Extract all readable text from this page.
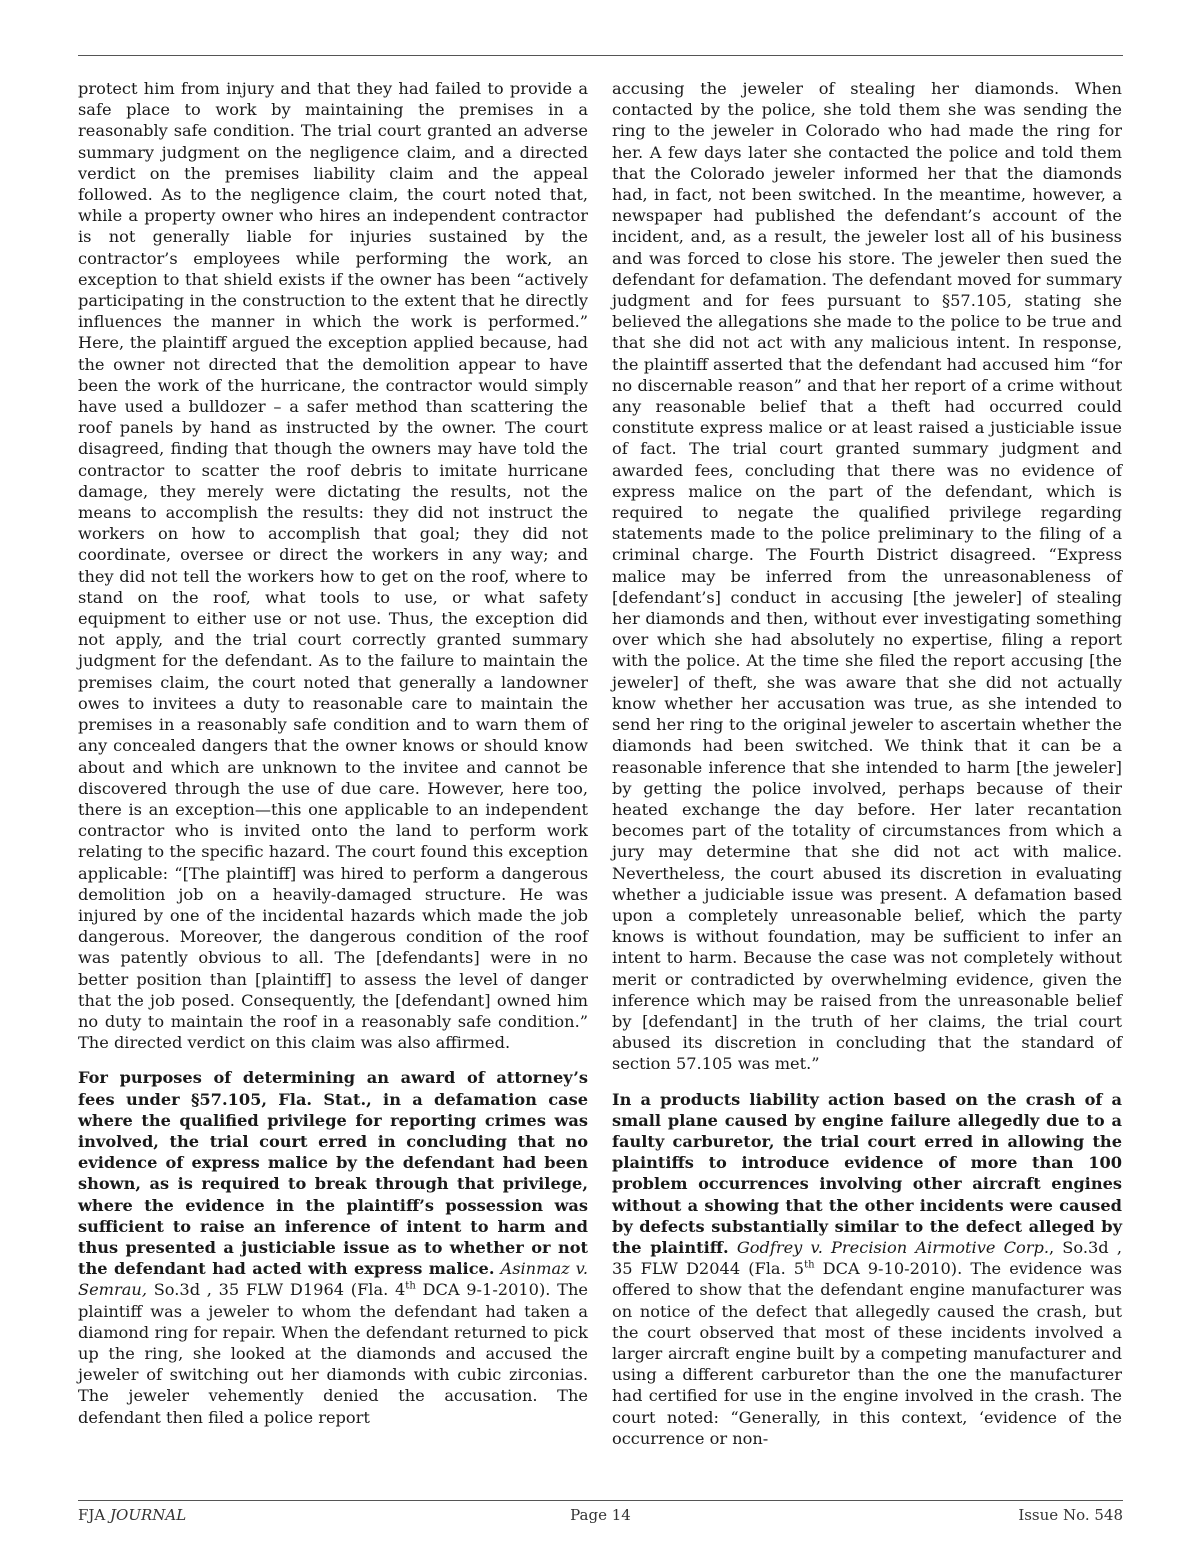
protect him from injury and that they had failed to provide a safe place to work by maintaining the premises in a reasonably safe condition. The trial court granted an adverse summary judgment on the negligence claim, and a directed verdict on the premises liability claim and the appeal followed. As to the negligence claim, the court noted that, while a property owner who hires an independent contractor is not generally liable for injuries sustained by the contractor’s employees while performing the work, an exception to that shield exists if the owner has been “actively participating in the construction to the extent that he directly influences the manner in which the work is performed.” Here, the plaintiff argued the exception applied because, had the owner not directed that the demolition appear to have been the work of the hurricane, the contractor would simply have used a bulldozer – a safer method than scattering the roof panels by hand as instructed by the owner. The court disagreed, finding that though the owners may have told the contractor to scatter the roof debris to imitate hurricane damage, they merely were dictating the results, not the means to accomplish the results: they did not instruct the workers on how to accomplish that goal; they did not coordinate, oversee or direct the workers in any way; and they did not tell the workers how to get on the roof, where to stand on the roof, what tools to use, or what safety equipment to either use or not use. Thus, the exception did not apply, and the trial court correctly granted summary judgment for the defendant. As to the failure to maintain the premises claim, the court noted that generally a landowner owes to invitees a duty to reasonable care to maintain the premises in a reasonably safe condition and to warn them of any concealed dangers that the owner knows or should know about and which are unknown to the invitee and cannot be discovered through the use of due care. However, here too, there is an exception—this one applicable to an independent contractor who is invited onto the land to perform work relating to the specific hazard. The court found this exception applicable: “[The plaintiff] was hired to perform a dangerous demolition job on a heavily-damaged structure. He was injured by one of the incidental hazards which made the job dangerous. Moreover, the dangerous condition of the roof was patently obvious to all. The [defendants] were in no better position than [plaintiff] to assess the level of danger that the job posed. Consequently, the [defendant] owned him no duty to maintain the roof in a reasonably safe condition.” The directed verdict on this claim was also affirmed.

For purposes of determining an award of attorney’s fees under §57.105, Fla. Stat., in a defamation case where the qualified privilege for reporting crimes was involved, the trial court erred in concluding that no evidence of express malice by the defendant had been shown, as is required to break through that privilege, where the evidence in the plaintiff’s possession was sufficient to raise an inference of intent to harm and thus presented a justiciable issue as to whether or not the defendant had acted with express malice. Asinmaz v. Semrau, So.3d , 35 FLW D1964 (Fla. 4th DCA 9-1-2010). The plaintiff was a jeweler to whom the defendant had taken a diamond ring for repair. When the defendant returned to pick up the ring, she looked at the diamonds and accused the jeweler of switching out her diamonds with cubic zirconias. The jeweler vehemently denied the accusation. The defendant then filed a police report

accusing the jeweler of stealing her diamonds. When contacted by the police, she told them she was sending the ring to the jeweler in Colorado who had made the ring for her. A few days later she contacted the police and told them that the Colorado jeweler informed her that the diamonds had, in fact, not been switched. In the meantime, however, a newspaper had published the defendant’s account of the incident, and, as a result, the jeweler lost all of his business and was forced to close his store. The jeweler then sued the defendant for defamation. The defendant moved for summary judgment and for fees pursuant to §57.105, stating she believed the allegations she made to the police to be true and that she did not act with any malicious intent. In response, the plaintiff asserted that the defendant had accused him “for no discernable reason” and that her report of a crime without any reasonable belief that a theft had occurred could constitute express malice or at least raised a justiciable issue of fact. The trial court granted summary judgment and awarded fees, concluding that there was no evidence of express malice on the part of the defendant, which is required to negate the qualified privilege regarding statements made to the police preliminary to the filing of a criminal charge. The Fourth District disagreed. “Express malice may be inferred from the unreasonableness of [defendant’s] conduct in accusing [the jeweler] of stealing her diamonds and then, without ever investigating something over which she had absolutely no expertise, filing a report with the police. At the time she filed the report accusing [the jeweler] of theft, she was aware that she did not actually know whether her accusation was true, as she intended to send her ring to the original jeweler to ascertain whether the diamonds had been switched. We think that it can be a reasonable inference that she intended to harm [the jeweler] by getting the police involved, perhaps because of their heated exchange the day before. Her later recantation becomes part of the totality of circumstances from which a jury may determine that she did not act with malice. Nevertheless, the court abused its discretion in evaluating whether a judiciable issue was present. A defamation based upon a completely unreasonable belief, which the party knows is without foundation, may be sufficient to infer an intent to harm. Because the case was not completely without merit or contradicted by overwhelming evidence, given the inference which may be raised from the unreasonable belief by [defendant] in the truth of her claims, the trial court abused its discretion in concluding that the standard of section 57.105 was met.”

In a products liability action based on the crash of a small plane caused by engine failure allegedly due to a faulty carburetor, the trial court erred in allowing the plaintiffs to introduce evidence of more than 100 problem occurrences involving other aircraft engines without a showing that the other incidents were caused by defects substantially similar to the defect alleged by the plaintiff. Godfrey v. Precision Airmotive Corp., So.3d , 35 FLW D2044 (Fla. 5th DCA 9-10-2010). The evidence was offered to show that the defendant engine manufacturer was on notice of the defect that allegedly caused the crash, but the court observed that most of these incidents involved a larger aircraft engine built by a competing manufacturer and using a different carburetor than the one the manufacturer had certified for use in the engine involved in the crash. The court noted: “Generally, in this context, ‘evidence of the occurrence or non-

FJA JOURNAL	Page 14	Issue No. 548
